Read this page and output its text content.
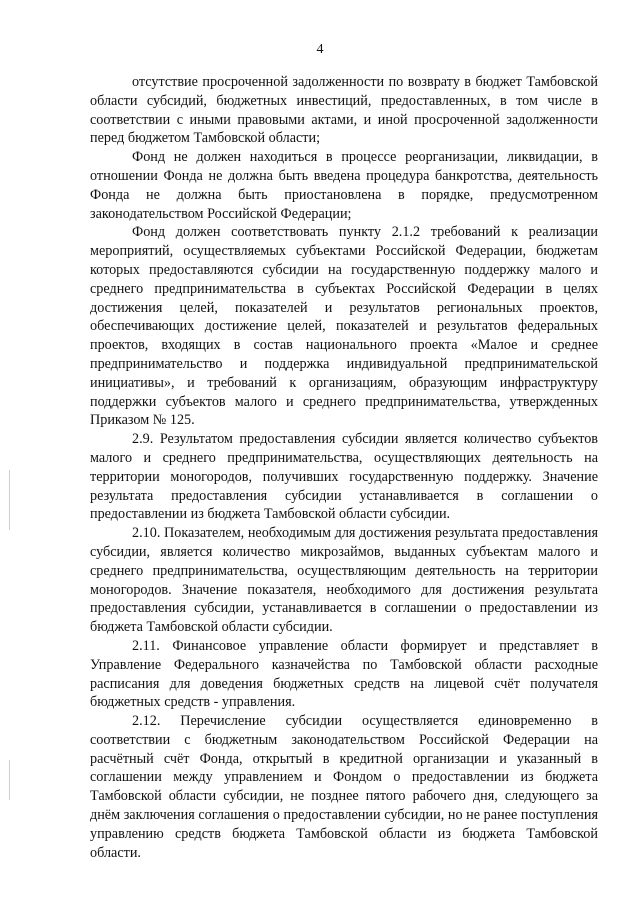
4

отсутствие просроченной задолженности по возврату в бюджет Тамбовской области субсидий, бюджетных инвестиций, предоставленных, в том числе в соответствии с иными правовыми актами, и иной просроченной задолженности перед бюджетом Тамбовской области;

Фонд не должен находиться в процессе реорганизации, ликвидации, в отношении Фонда не должна быть введена процедура банкротства, деятельность Фонда не должна быть приостановлена в порядке, предусмотренном законодательством Российской Федерации;

Фонд должен соответствовать пункту 2.1.2 требований к реализации мероприятий, осуществляемых субъектами Российской Федерации, бюджетам которых предоставляются субсидии на государственную поддержку малого и среднего предпринимательства в субъектах Российской Федерации в целях достижения целей, показателей и результатов региональных проектов, обеспечивающих достижение целей, показателей и результатов федеральных проектов, входящих в состав национального проекта «Малое и среднее предпринимательство и поддержка индивидуальной предпринимательской инициативы», и требований к организациям, образующим инфраструктуру поддержки субъектов малого и среднего предпринимательства, утвержденных Приказом № 125.

2.9. Результатом предоставления субсидии является количество субъектов малого и среднего предпринимательства, осуществляющих деятельность на территории моногородов, получивших государственную поддержку. Значение результата предоставления субсидии устанавливается в соглашении о предоставлении из бюджета Тамбовской области субсидии.

2.10. Показателем, необходимым для достижения результата предоставления субсидии, является количество микрозаймов, выданных субъектам малого и среднего предпринимательства, осуществляющим деятельность на территории моногородов. Значение показателя, необходимого для достижения результата предоставления субсидии, устанавливается в соглашении о предоставлении из бюджета Тамбовской области субсидии.

2.11. Финансовое управление области формирует и представляет в Управление Федерального казначейства по Тамбовской области расходные расписания для доведения бюджетных средств на лицевой счёт получателя бюджетных средств - управления.

2.12. Перечисление субсидии осуществляется единовременно в соответствии с бюджетным законодательством Российской Федерации на расчётный счёт Фонда, открытый в кредитной организации и указанный в соглашении между управлением и Фондом о предоставлении из бюджета Тамбовской области субсидии, не позднее пятого рабочего дня, следующего за днём заключения соглашения о предоставлении субсидии, но не ранее поступления управлению средств бюджета Тамбовской области из бюджета Тамбовской области.
